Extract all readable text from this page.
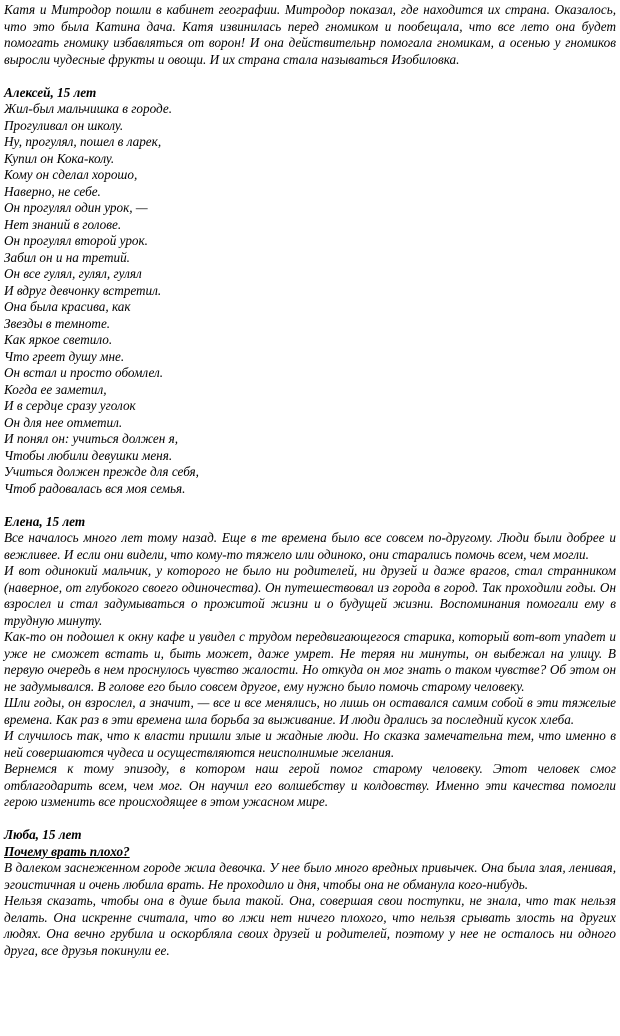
Катя и Митродор пошли в кабинет географии. Митродор показал, где находится их страна. Оказалось, что это была Катина дача. Катя извинилась перед гномиком и пообещала, что все лето она будет помогать гномику избавляться от ворон! И она действительнр помогала гномикам, а осенью у гномиков выросли чудесные фрукты и овощи. И их страна стала называться Изобиловка.

Алексей, 15 лет

Жил-был мальчишка в городе.

Прогуливал он школу.

Ну, прогулял, пошел в ларек,

Купил он Кока-колу.

Кому он сделал хорошо,

Наверно, не себе.

Он прогулял один урок, —

Нет знаний в голове.

Он прогулял второй урок.

Забил он и на третий.

Он все гулял, гулял, гулял

И вдруг девчонку встретил.

Она была красива, как

Звезды в темноте.

Как яркое светило.

Что греет душу мне.

Он встал и просто обомлел.

Когда ее заметил,

И в сердце сразу уголок

Он для нее отметил.

И понял он: учиться должен я,

Чтобы любили девушки меня.

Учиться должен прежде для себя,

Чтоб радовалась вся моя семья.

Елена, 15 лет

Все началось много лет тому назад. Еще в те времена было все совсем по-другому. Люди были добрее и вежливее. И если они видели, что кому-то тяжело или одиноко, они старались помочь всем, чем могли.

И вот одинокий мальчик, у которого не было ни родителей, ни друзей и даже врагов, стал странником (наверное, от глубокого своего одиночества). Он путешествовал из города в город. Так проходили годы. Он взрослел и стал задумываться о прожитой жизни и о будущей жизни. Воспоминания помогали ему в трудную минуту.

Как-то он подошел к окну кафе и увидел с трудом передвигающегося старика, который вот-вот упадет и уже не сможет встать и, быть может, даже умрет. Не теряя ни минуты, он выбежал на улицу. В первую очередь в нем проснулось чувство жалости. Но откуда он мог знать о таком чувстве? Об этом он не задумывался. В голове его было совсем другое, ему нужно было помочь старому человеку.

Шли годы, он взрослел, а значит, — все и все менялись, но лишь он оставался самим собой в эти тяжелые времена. Как раз в эти времена шла борьба за выживание. И люди дрались за последний кусок хлеба.

И случилось так, что к власти пришли злые и жадные люди. Но сказка замечательна тем, что именно в ней совершаются чудеса и осуществляются неисполнимые желания.

Вернемся к тому эпизоду, в котором наш герой помог старому человеку. Этот человек смог отблагодарить всем, чем мог. Он научил его волшебству и колдовству. Именно эти качества помогли герою изменить все происходящее в этом ужасном мире.

Люба, 15 лет

Почему врать плохо?

В далеком заснеженном городе жила девочка. У нее было много вредных привычек. Она была злая, ленивая, эгоистичная и очень любила врать. Не проходило и дня, чтобы она не обманула кого-нибудь.

Нельзя сказать, чтобы она в душе была такой. Она, совершая свои поступки, не знала, что так нельзя делать. Она искренне считала, что во лжи нет ничего плохого, что нельзя срывать злость на других людях. Она вечно грубила и оскорбляла своих друзей и родителей, поэтому у нее не осталось ни одного друга, все друзья покинули ее.
